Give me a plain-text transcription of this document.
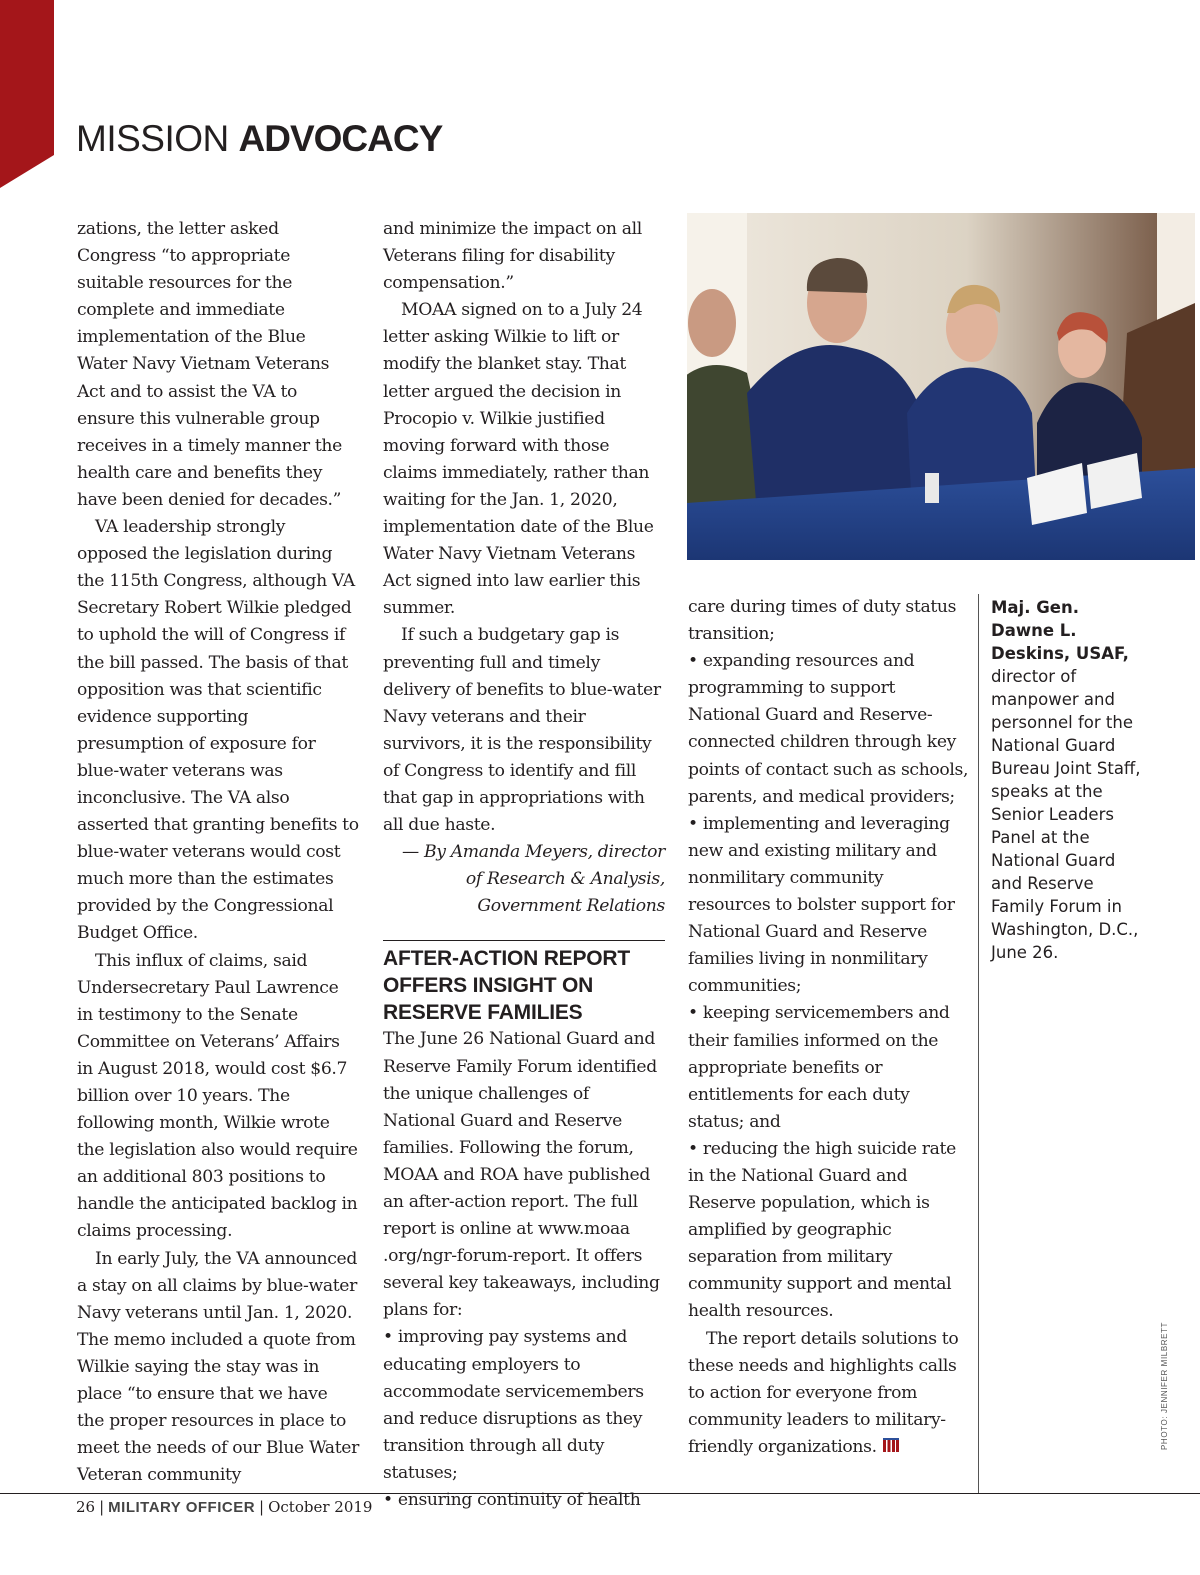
MISSION ADVOCACY

zations, the letter asked Congress “to appropriate suitable resources for the complete and immediate implementation of the Blue Water Navy Vietnam Veterans Act and to assist the VA to ensure this vulnerable group receives in a timely manner the health care and benefits they have been denied for decades.”

VA leadership strongly opposed the legislation during the 115th Congress, although VA Secretary Robert Wilkie pledged to uphold the will of Congress if the bill passed. The basis of that opposition was that scientific evidence supporting presumption of exposure for blue-water veterans was inconclusive. The VA also asserted that granting benefits to blue-water veterans would cost much more than the estimates provided by the Congressional Budget Office.

This influx of claims, said Undersecretary Paul Lawrence in testimony to the Senate Committee on Veterans’ Affairs in August 2018, would cost $6.7 billion over 10 years. The following month, Wilkie wrote the legislation also would require an additional 803 positions to handle the anticipated backlog in claims processing.

In early July, the VA announced a stay on all claims by blue-water Navy veterans until Jan. 1, 2020. The memo included a quote from Wilkie saying the stay was in place “to ensure that we have the proper resources in place to meet the needs of our Blue Water Veteran community

and minimize the impact on all Veterans filing for disability compensation.”

MOAA signed on to a July 24 letter asking Wilkie to lift or modify the blanket stay. That letter argued the decision in Procopio v. Wilkie justified moving forward with those claims immediately, rather than waiting for the Jan. 1, 2020, implementation date of the Blue Water Navy Vietnam Veterans Act signed into law earlier this summer.

If such a budgetary gap is preventing full and timely delivery of benefits to blue-water Navy veterans and their survivors, it is the responsibility of Congress to identify and fill that gap in appropriations with all due haste.

— By Amanda Meyers, director
of Research & Analysis,
Government Relations
AFTER-ACTION REPORT OFFERS INSIGHT ON RESERVE FAMILIES

The June 26 National Guard and Reserve Family Forum identified the unique challenges of National Guard and Reserve families. Following the forum, MOAA and ROA have published an after-action report. The full report is online at www.moaa .org/ngr-forum-report. It offers several key takeaways, including plans for:

• improving pay systems and educating employers to accommodate servicemembers and reduce disruptions as they transition through all duty statuses;

• ensuring continuity of health

care during times of duty status transition;

• expanding resources and programming to support National Guard and Reserve-connected children through key points of contact such as schools, parents, and medical providers;

• implementing and leveraging new and existing military and nonmilitary community resources to bolster support for National Guard and Reserve families living in nonmilitary communities;

• keeping servicemembers and their families informed on the appropriate benefits or entitlements for each duty status; and

• reducing the high suicide rate in the National Guard and Reserve population, which is amplified by geographic separation from military community support and mental health resources.

The report details solutions to these needs and highlights calls to action for everyone from community leaders to military-friendly organizations.

Maj. Gen. Dawne L. Deskins, USAF, director of manpower and personnel for the National Guard Bureau Joint Staff, speaks at the Senior Leaders Panel at the National Guard and Reserve Family Forum in Washington, D.C., June 26.
PHOTO: JENNIFER MILBRETT
26 | MILITARY OFFICER | October 2019
